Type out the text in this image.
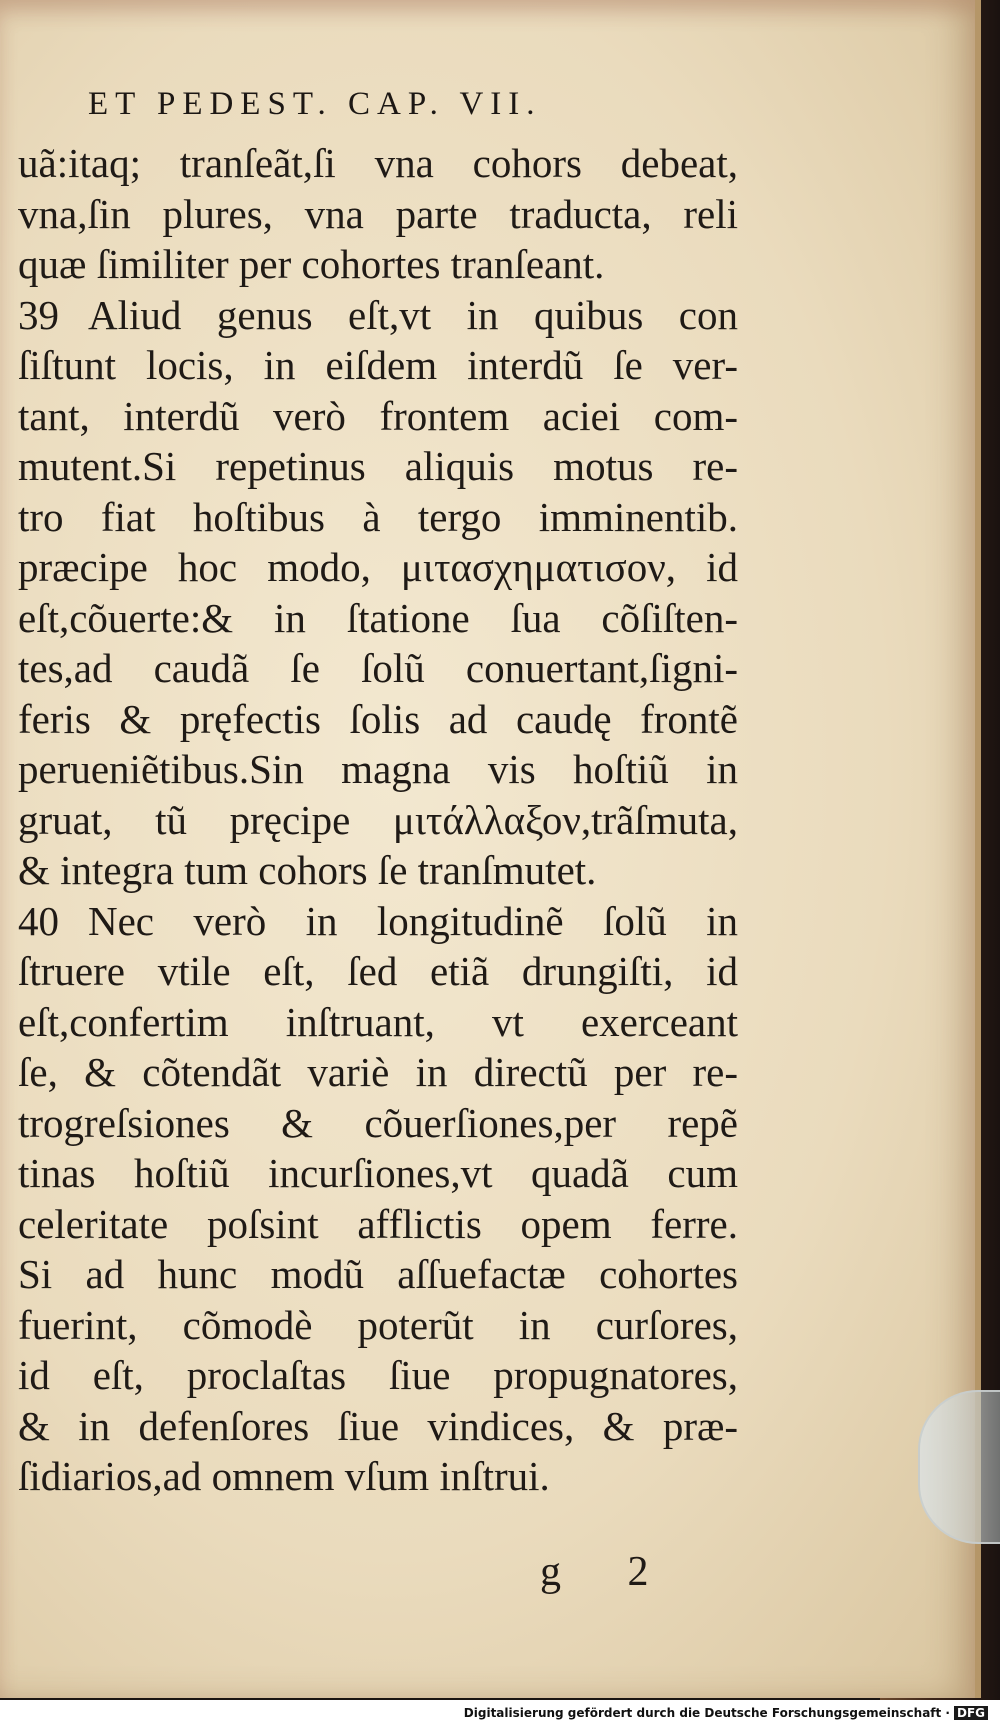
ET PEDEST. CAP. VII.
uã:itaq; tranſeãt,ſi vna cohors debeat,
vna,ſin plures, vna parte traducta, reli
quæ ſimiliter per cohortes tranſeant.
39 Aliud genus eſt,vt in quibus con
ſiſtunt locis, in eiſdem interdũ ſe ver-
tant, interdũ verò frontem aciei com-
mutent.Si repetinus aliquis motus re-
tro fiat hoſtibus à tergo imminentib.
præcipe hoc modo, μιτασχηματισον, id
eſt,cõuerte:& in ſtatione ſua cõſiſten-
tes,ad caudã ſe ſolũ conuertant,ſigni-
feris & pręfectis ſolis ad caudę frontẽ
perueniẽtibus.Sin magna vis hoſtiũ in
gruat, tũ pręcipe μιτάλλαξον,trãſmuta,
& integra tum cohors ſe tranſmutet.
40 Nec verò in longitudinẽ ſolũ in
ſtruere vtile eſt, ſed etiã drungiſti, id
eſt,confertim inſtruant, vt exerceant
ſe, & cõtendãt variè in directũ per re-
trogreſsiones & cõuerſiones,per repẽ
tinas hoſtiũ incurſiones,vt quadã cum
celeritate poſsint afflictis opem ferre.
Si ad hunc modũ aſſuefactæ cohortes
fuerint, cõmodè poterũt in curſores,
id eſt, proclaſtas ſiue propugnatores,
& in defenſores ſiue vindices, & præ-
ſidiarios,ad omnem vſum inſtrui.
g 2
Digitalisierung gefördert durch die Deutsche Forschungsgemeinschaft · DFG
